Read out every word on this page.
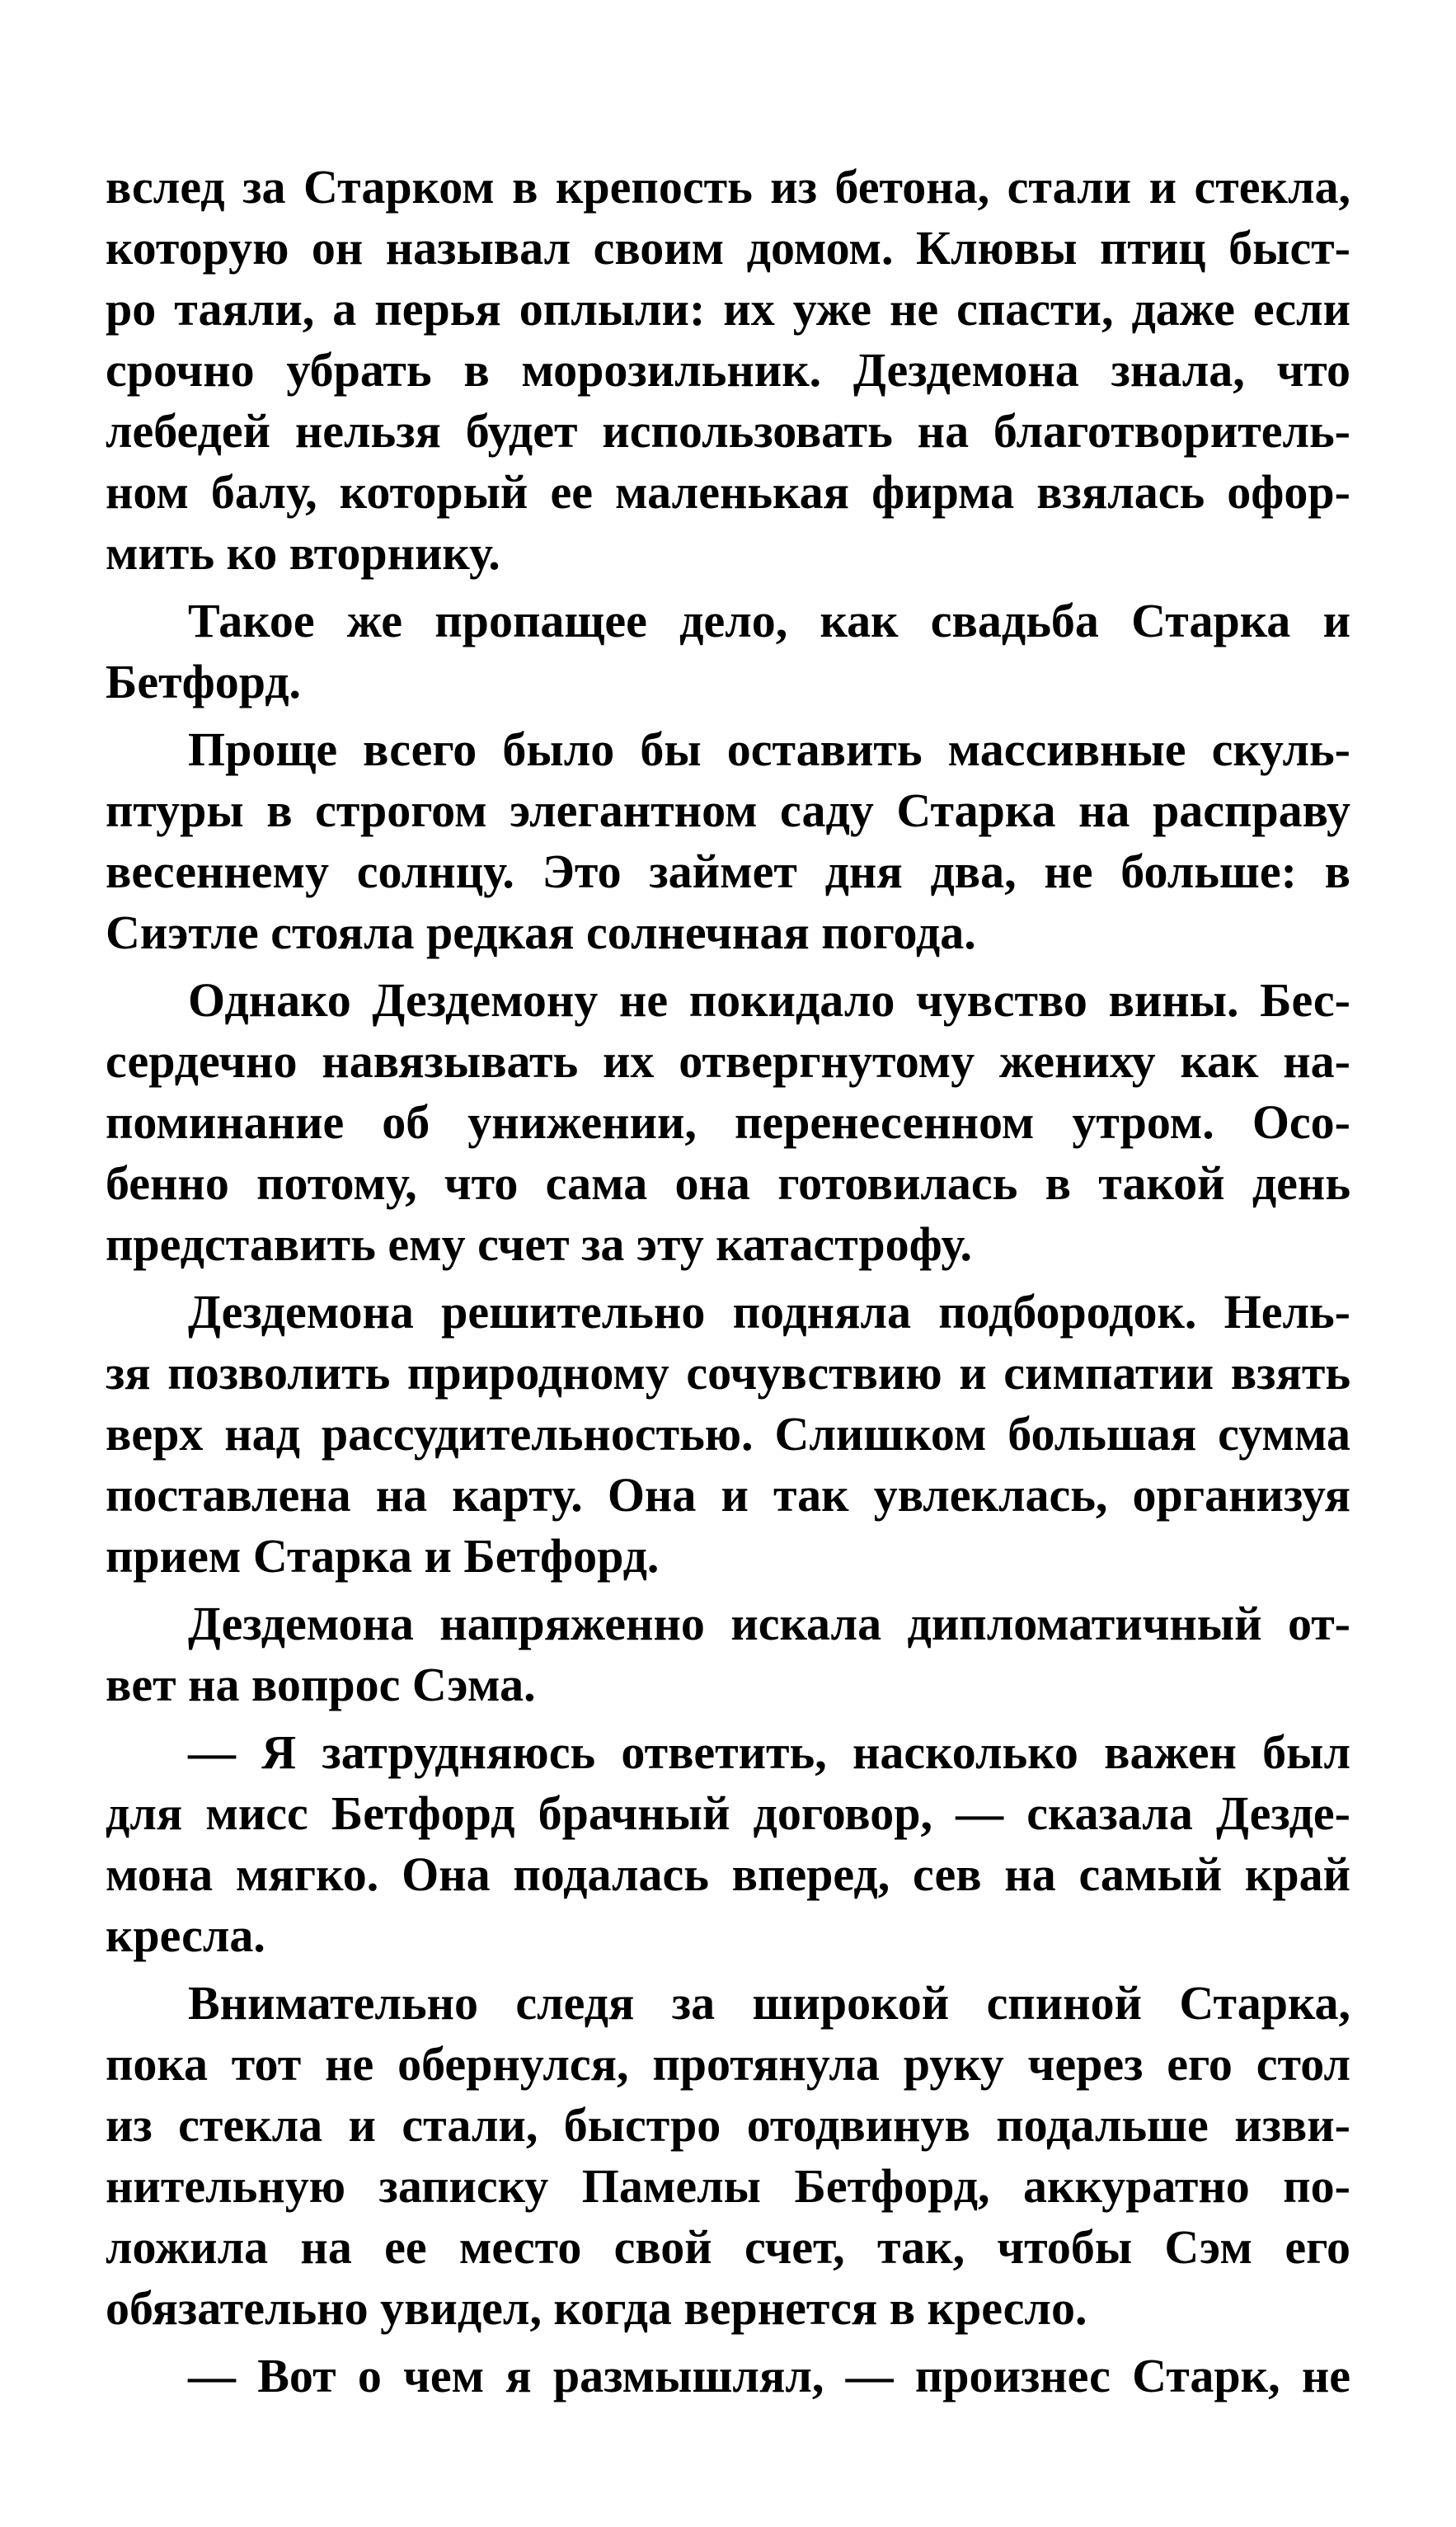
вслед за Старком в крепость из бетона, стали и стекла,
которую он называл своим домом. Клювы птиц быст-
ро таяли, а перья оплыли: их уже не спасти, даже если
срочно убрать в морозильник. Дездемона знала, что
лебедей нельзя будет использовать на благотворитель-
ном балу, который ее маленькая фирма взялась офор-
мить ко вторнику.
Такое же пропащее дело, как свадьба Старка и
Бетфорд.
Проще всего было бы оставить массивные скуль-
птуры в строгом элегантном саду Старка на расправу
весеннему солнцу. Это займет дня два, не больше: в
Сиэтле стояла редкая солнечная погода.
Однако Дездемону не покидало чувство вины. Бес-
сердечно навязывать их отвергнутому жениху как на-
поминание об унижении, перенесенном утром. Осо-
бенно потому, что сама она готовилась в такой день
представить ему счет за эту катастрофу.
Дездемона решительно подняла подбородок. Нель-
зя позволить природному сочувствию и симпатии взять
верх над рассудительностью. Слишком большая сумма
поставлена на карту. Она и так увлеклась, организуя
прием Старка и Бетфорд.
Дездемона напряженно искала дипломатичный от-
вет на вопрос Сэма.
— Я затрудняюсь ответить, насколько важен был
для мисс Бетфорд брачный договор, — сказала Дезде-
мона мягко. Она подалась вперед, сев на самый край
кресла.
Внимательно следя за широкой спиной Старка,
пока тот не обернулся, протянула руку через его стол
из стекла и стали, быстро отодвинув подальше изви-
нительную записку Памелы Бетфорд, аккуратно по-
ложила на ее место свой счет, так, чтобы Сэм его
обязательно увидел, когда вернется в кресло.
— Вот о чем я размышлял, — произнес Старк, не
